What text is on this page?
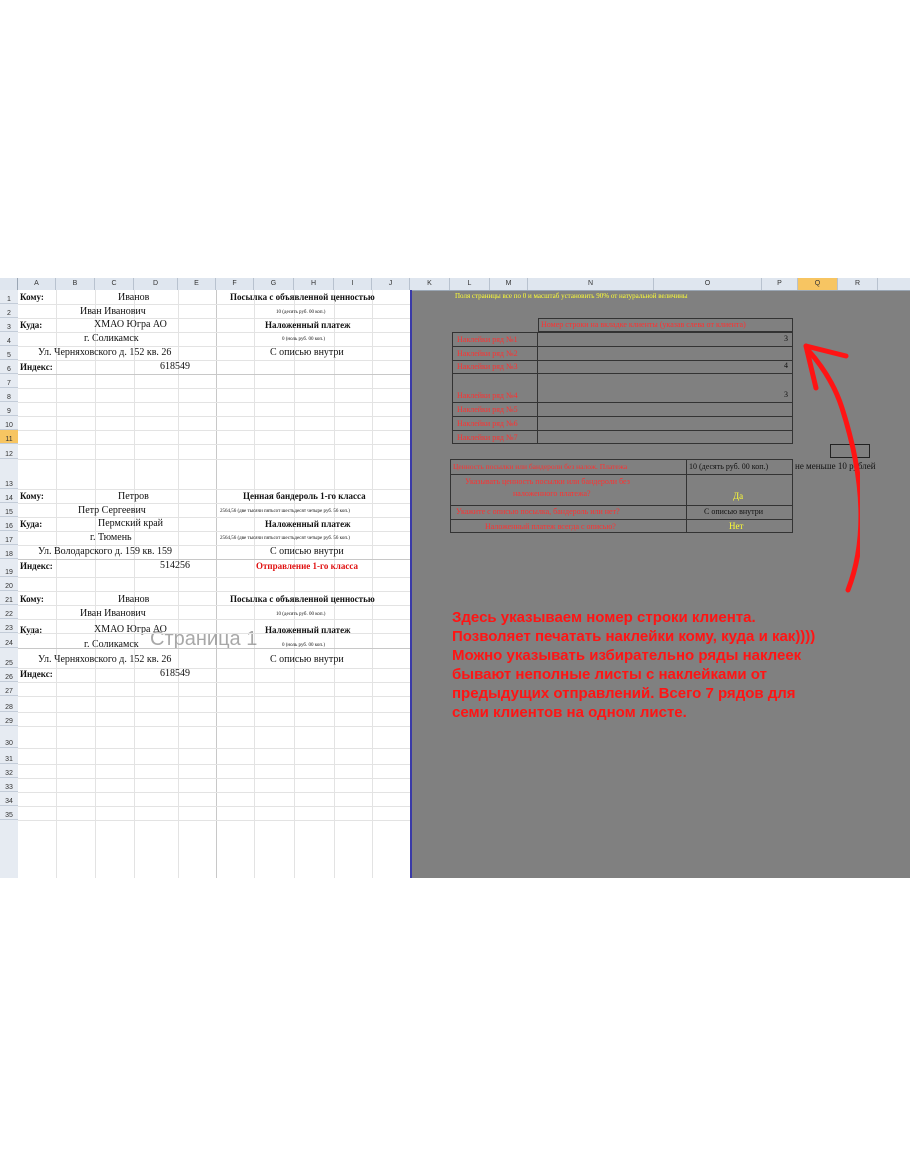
A	B	C	D	E	F	G	H	I	J	K	L	M	N	O	P	Q	R
1
2
3
4
5
6
7
8
9
10
11
12
13
14
15
16
17
18
19
20
21
22
23
24
25
26
27
28
29
30
31
32
33
34
35
Кому:	Иванов	Посылка с объявленной ценностью
Иван Иванович	10 (десять руб. 00 коп.)
Куда:	ХМАО Югра АО	Наложенный платеж
г. Соликамск	0 (ноль руб. 00 коп.)
Ул. Черняховского д. 152 кв. 26	С описью внутри
Индекс:	618549
Кому:	Петров	Ценная бандероль 1-го класса
Петр Сергеевич	2564,56 (две тысячи пятьсот шестьдесят четыре руб. 56 коп.)
Куда:	Пермский край	Наложенный платеж
г. Тюмень	2564,56 (две тысячи пятьсот шестьдесят четыре руб. 56 коп.)
Ул. Володарского д. 159 кв. 159	С описью внутри
Индекс:	514256	Отправление 1-го класса
Кому:	Иванов	Посылка с объявленной ценностью
Иван Иванович	10 (десять руб. 00 коп.)
Куда:	ХМАО Югра АО	Наложенный платеж
г. Соликамск	0 (ноль руб. 00 коп.)
Ул. Черняховского д. 152 кв. 26	С описью внутри
Индекс:	618549
Страница 1
Поля страницы все по 0 и масштаб установить 90% от натуральной величины
Номер строки на вкладке клиенты (указав слева от клиента)
Наклейки ряд №1	3
Наклейки ряд №2
Наклейки ряд №3	4
Наклейки ряд №4	3
Наклейки ряд №5
Наклейки ряд №6
Наклейки ряд №7
Ценность посылки или бандероли без налож. Платежа	10 (десять руб. 00 коп.)
Указывать ценность посылки или бандероли без
наложенного платежа?	Да
Укажите с описью посылка, бандероль или нет?	С описью внутри
Наложенный платеж всегда с описью?	Нет
не меньше 10 рублей
Здесь указываем номер строки клиента.
Позволяет печатать наклейки кому, куда и как))))
Можно указывать избирательно ряды наклеек
бывают неполные листы с наклейками от
предыдущих отправлений. Всего 7 рядов для
семи клиентов на одном листе.
